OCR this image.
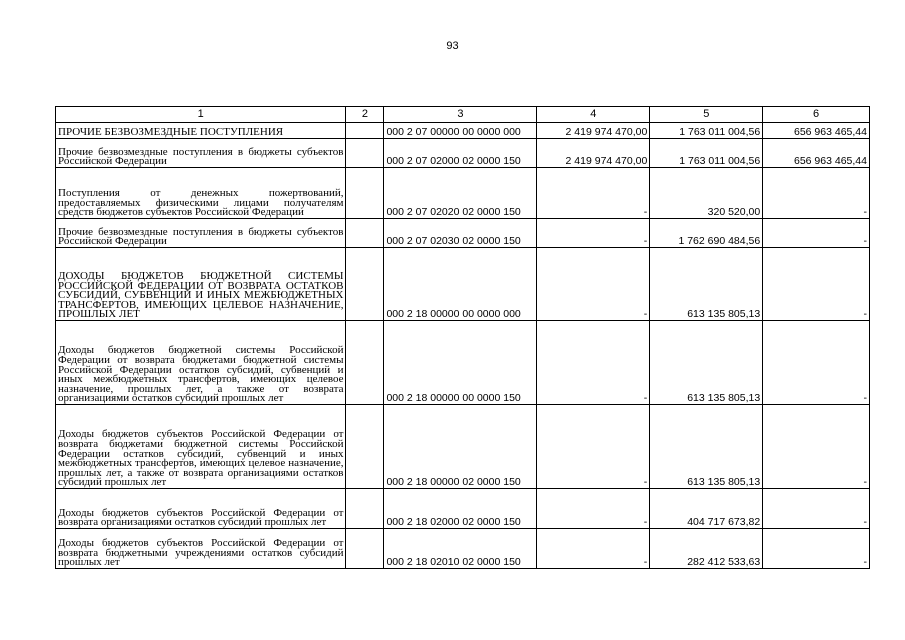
93
1	2	3	4	5	6
ПРОЧИЕ БЕЗВОЗМЕЗДНЫЕ ПОСТУПЛЕНИЯ		000 2 07 00000 00 0000 000	2 419 974 470,00	1 763 011 004,56	656 963 465,44
Прочие безвозмездные поступления в бюджеты субъектов Российской Федерации		000 2 07 02000 02 0000 150	2 419 974 470,00	1 763 011 004,56	656 963 465,44
Поступления от денежных пожертвований, предоставляемых физическими лицами получателям средств бюджетов субъектов Российской Федерации		000 2 07 02020 02 0000 150	-	320 520,00	-
Прочие безвозмездные поступления в бюджеты субъектов Российской Федерации		000 2 07 02030 02 0000 150	-	1 762 690 484,56	-
ДОХОДЫ БЮДЖЕТОВ БЮДЖЕТНОЙ СИСТЕМЫ РОССИЙСКОЙ ФЕДЕРАЦИИ ОТ ВОЗВРАТА ОСТАТКОВ СУБСИДИЙ, СУБВЕНЦИЙ И ИНЫХ МЕЖБЮДЖЕТНЫХ ТРАНСФЕРТОВ, ИМЕЮЩИХ ЦЕЛЕВОЕ НАЗНАЧЕНИЕ, ПРОШЛЫХ ЛЕТ		000 2 18 00000 00 0000 000	-	613 135 805,13	-
Доходы бюджетов бюджетной системы Российской Федерации от возврата бюджетами бюджетной системы Российской Федерации остатков субсидий, субвенций и иных межбюджетных трансфертов, имеющих целевое назначение, прошлых лет, а также от возврата организациями остатков субсидий прошлых лет		000 2 18 00000 00 0000 150	-	613 135 805,13	-
Доходы бюджетов субъектов Российской Федерации от возврата бюджетами бюджетной системы Российской Федерации остатков субсидий, субвенций и иных межбюджетных трансфертов, имеющих целевое назначение, прошлых лет, а также от возврата организациями остатков субсидий прошлых лет		000 2 18 00000 02 0000 150	-	613 135 805,13	-
Доходы бюджетов субъектов Российской Федерации от возврата организациями остатков субсидий прошлых лет		000 2 18 02000 02 0000 150	-	404 717 673,82	-
Доходы бюджетов субъектов Российской Федерации от возврата бюджетными учреждениями остатков субсидий прошлых лет		000 2 18 02010 02 0000 150	-	282 412 533,63	-
